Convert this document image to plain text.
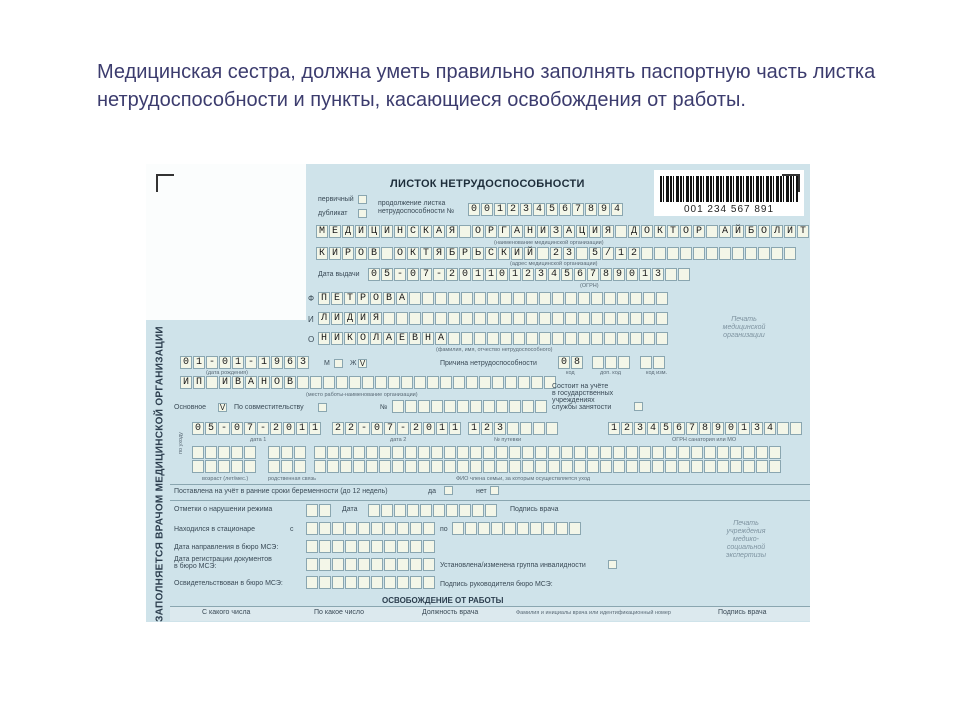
Медицинская сестра, должна уметь правильно заполнять паспортную часть листка нетрудоспособности и пункты, касающиеся освобождения от работы.
001 234 567 891
ЛИСТОК НЕТРУДОСПОСОБНОСТИ
первичный
дубликат
продолжение листка
нетрудоспособности № 0 0 1 2 3 4 5 6 7 8 9 4
М Е Д И Ц И Н С К А Я	О Р Г А Н И З А Ц И Я	Д О К Т О Р	А Й Б О Л И Т
(наименование медицинской организации)
К И Р О В	О К Т Я Б Р Ь С К И Й	2 3	5 / 1 2
(адрес медицинской организации)
Дата выдачи 0 5 - 0 7 - 2 0 1 1 0 1 2 3 4 5 6 7 8 9 0 1 3
(ОГРН)
Ф П Е Т Р О В А
И Л И Д И Я
О Н И К О Л А Е В Н А
(фамилия, имя, отчество нетрудоспособного)
0 1 - 0 1 - 1 9 6 3
(дата рождения)
М	Ж V	Причина нетрудоспособности 0 8
код	доп. код	код изм.
И П	И В А Н О В
(место работы-наименование организации)
Состоит на учёте
в государственных
учреждениях
службы занятости
Основное V По совместительству	№
ЗАПОЛНЯЕТСЯ ВРАЧОМ МЕДИЦИНСКОЙ ОРГАНИЗАЦИИ	0 5 - 0 7 - 2 0 1 1	2 2 - 0 7 - 2 0 1 1	1 2 3	1 2 3 4 5 6 7 8 9 0 1 3 4
дата 1	дата 2	№ путевки	ОГРН санатория или МО
по уходу
возраст (лет/мес.)	родственная связь	ФИО члена семьи, за которым осуществляется уход
Поставлена на учёт в ранние сроки беременности (до 12 недель)	да	нет
Отметки о нарушении режима	Дата	Подпись врача
Находился в стационаре	с	по
Дата направления в бюро МСЭ:
Дата регистрации документов
в бюро МСЭ:
Освидетельствован в бюро МСЭ:
Установлена/изменена группа инвалидности
Подпись руководителя бюро МСЭ:
Печать медицинской организации
Печать учреждения медико-социальной экспертизы
ОСВОБОЖДЕНИЕ ОТ РАБОТЫ
С какого числа	По какое число	Должность врача	Фамилия и инициалы врача или идентификационный номер	Подпись врача
